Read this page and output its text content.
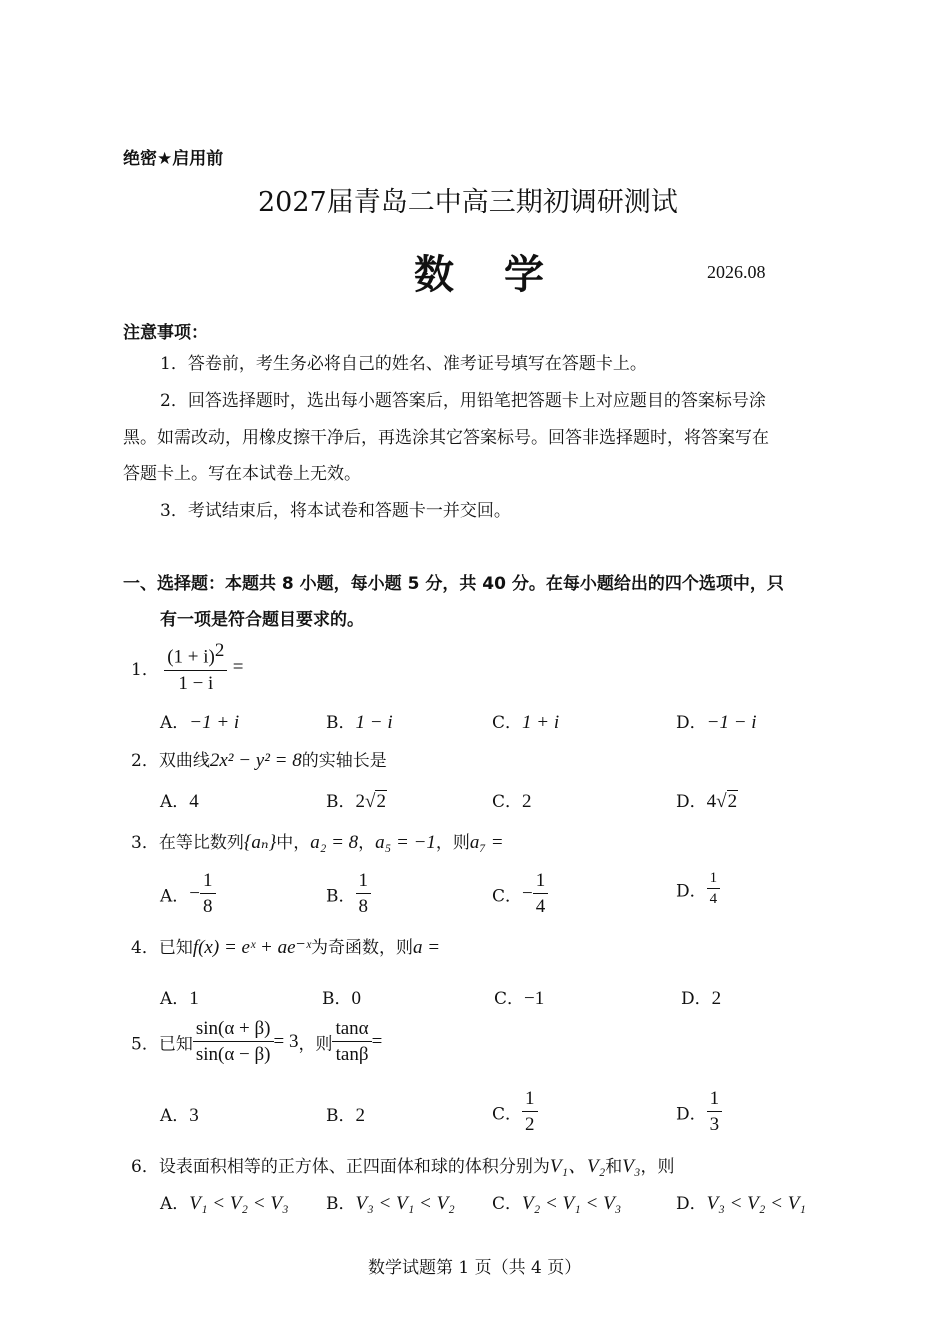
绝密★启用前
2027届青岛二中高三期初调研测试
数学	2026.08
注意事项：
1．答卷前，考生务必将自己的姓名、准考证号填写在答题卡上。
2．回答选择题时，选出每小题答案后，用铅笔把答题卡上对应题目的答案标号涂
黑。如需改动，用橡皮擦干净后，再选涂其它答案标号。回答非选择题时，将答案写在
答题卡上。写在本试卷上无效。
3．考试结束后，将本试卷和答题卡一并交回。
一、选择题：本题共 8 小题，每小题 5 分，共 40 分。在每小题给出的四个选项中，只
有一项是符合题目要求的。
1． $\frac{(1 + i)^2}{1 - i}$ =
A．−1 + i	B．1 − i	C．1 + i	D．−1 − i
2．双曲线2x² − y² = 8的实轴长是
A．4	B．2√2	C．2	D．4√2
3．在等比数列{aₙ}中，a₂ = 8，a₅ = −1，则a₇ =
A．− $\frac{1}{8}$	B． $\frac{1}{8}$	C．− $\frac{1}{4}$	D． $\frac{1}{4}$
4．已知f(x) = eˣ + ae⁻ˣ为奇函数，则a =
A．1	B．0	C．−1	D．2
5．已知 $\frac{\sin(\alpha + \beta)}{\sin(\alpha - \beta)} = 3$，则 $\frac{\tan\alpha}{\tan\beta}$ =
A．3	B．2	C． $\frac{1}{2}$	D． $\frac{1}{3}$
6．设表面积相等的正方体、正四面体和球的体积分别为V₁、V₂和V₃，则
A．V₁ < V₂ < V₃ B．V₃ < V₁ < V₂ C．V₂ < V₁ < V₃	D．V₃ < V₂ < V₁
数学试题第 1 页（共 4 页）
